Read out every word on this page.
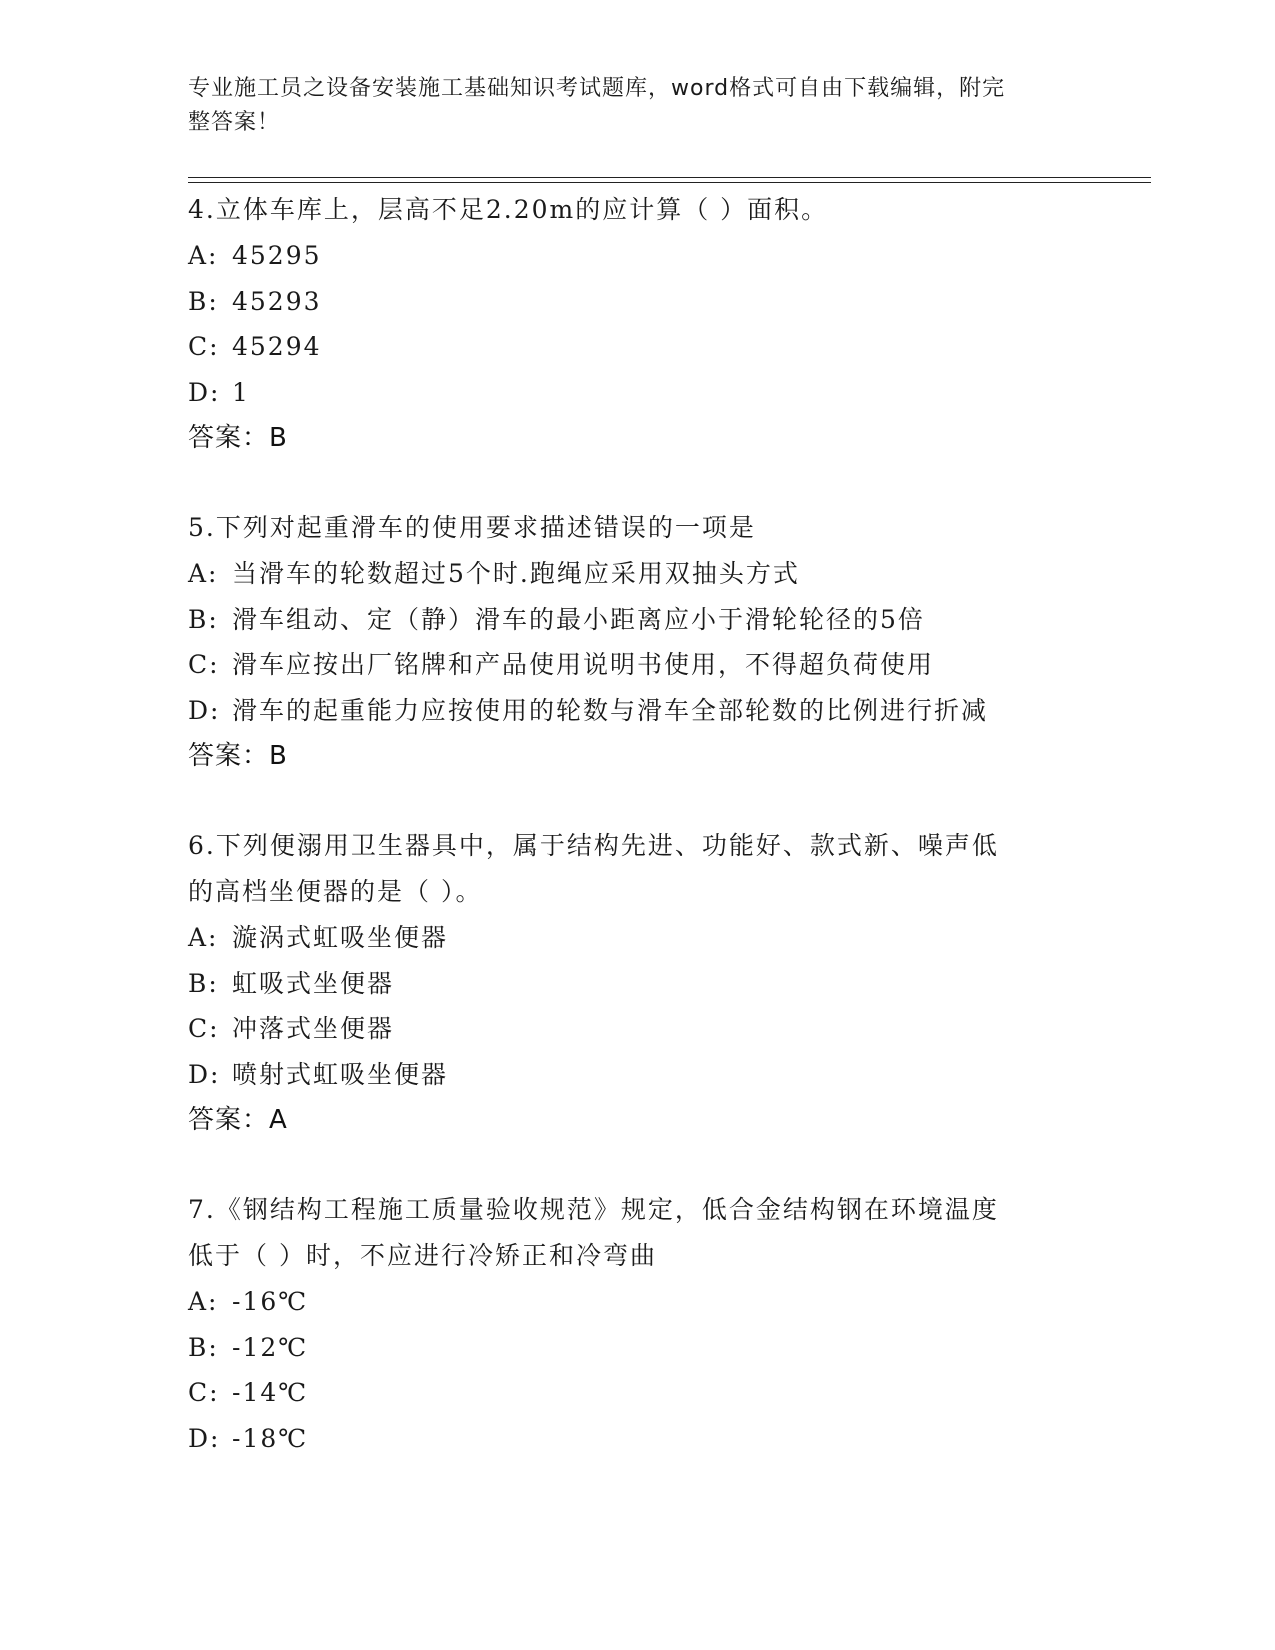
专业施工员之设备安装施工基础知识考试题库，word格式可自由下载编辑，附完
整答案！
4.立体车库上，层高不足2.20m的应计算（ ）面积。
A: 45295
B: 45293
C: 45294
D: 1
答案：B
5.下列对起重滑车的使用要求描述错误的一项是
A: 当滑车的轮数超过5个时.跑绳应采用双抽头方式
B: 滑车组动、定（静）滑车的最小距离应小于滑轮轮径的5倍
C: 滑车应按出厂铭牌和产品使用说明书使用，不得超负荷使用
D: 滑车的起重能力应按使用的轮数与滑车全部轮数的比例进行折减
答案：B
6.下列便溺用卫生器具中，属于结构先进、功能好、款式新、噪声低
的高档坐便器的是（ ）。
A: 漩涡式虹吸坐便器
B: 虹吸式坐便器
C: 冲落式坐便器
D: 喷射式虹吸坐便器
答案：A
7.《钢结构工程施工质量验收规范》规定，低合金结构钢在环境温度
低于（ ）时，不应进行冷矫正和冷弯曲
A: -16℃
B: -12℃
C: -14℃
D: -18℃
